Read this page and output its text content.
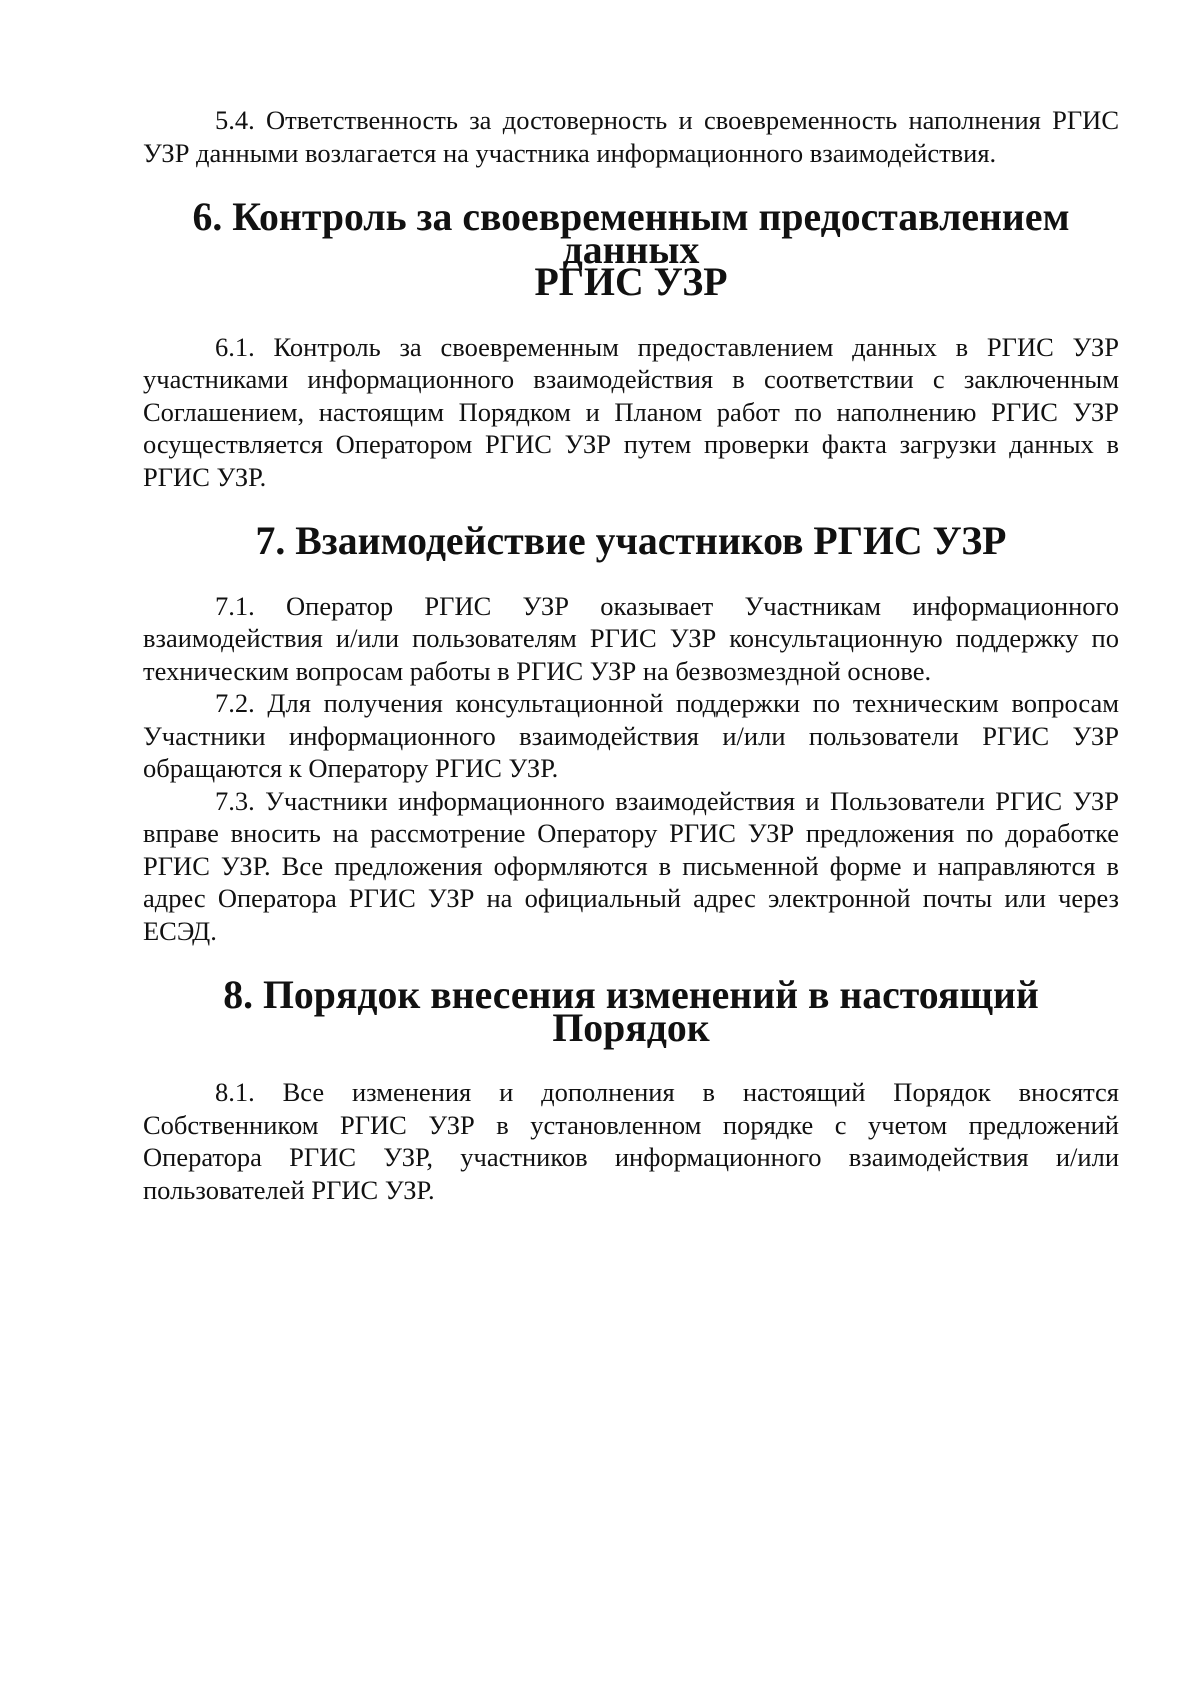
5.4. Ответственность за достоверность и своевременность наполнения РГИС УЗР данными возлагается на участника информационного взаимодействия.

6. Контроль за своевременным предоставлением данных
РГИС УЗР

6.1. Контроль за своевременным предоставлением данных в РГИС УЗР участниками информационного взаимодействия в соответствии с заключенным Соглашением, настоящим Порядком и Планом работ по наполнению РГИС УЗР осуществляется Оператором РГИС УЗР путем проверки факта загрузки данных в РГИС УЗР.

7. Взаимодействие участников РГИС УЗР

7.1. Оператор РГИС УЗР оказывает Участникам информационного взаимодействия и/или пользователям РГИС УЗР консультационную поддержку по техническим вопросам работы в РГИС УЗР на безвозмездной основе.

7.2. Для получения консультационной поддержки по техническим вопросам Участники информационного взаимодействия и/или пользователи РГИС УЗР обращаются к Оператору РГИС УЗР.

7.3. Участники информационного взаимодействия и Пользователи РГИС УЗР вправе вносить на рассмотрение Оператору РГИС УЗР предложения по доработке РГИС УЗР. Все предложения оформляются в письменной форме и направляются в адрес Оператора РГИС УЗР на официальный адрес электронной почты или через ЕСЭД.

8. Порядок внесения изменений в настоящий Порядок

8.1. Все изменения и дополнения в настоящий Порядок вносятся Собственником РГИС УЗР в установленном порядке с учетом предложений Оператора РГИС УЗР, участников информационного взаимодействия и/или пользователей РГИС УЗР.
